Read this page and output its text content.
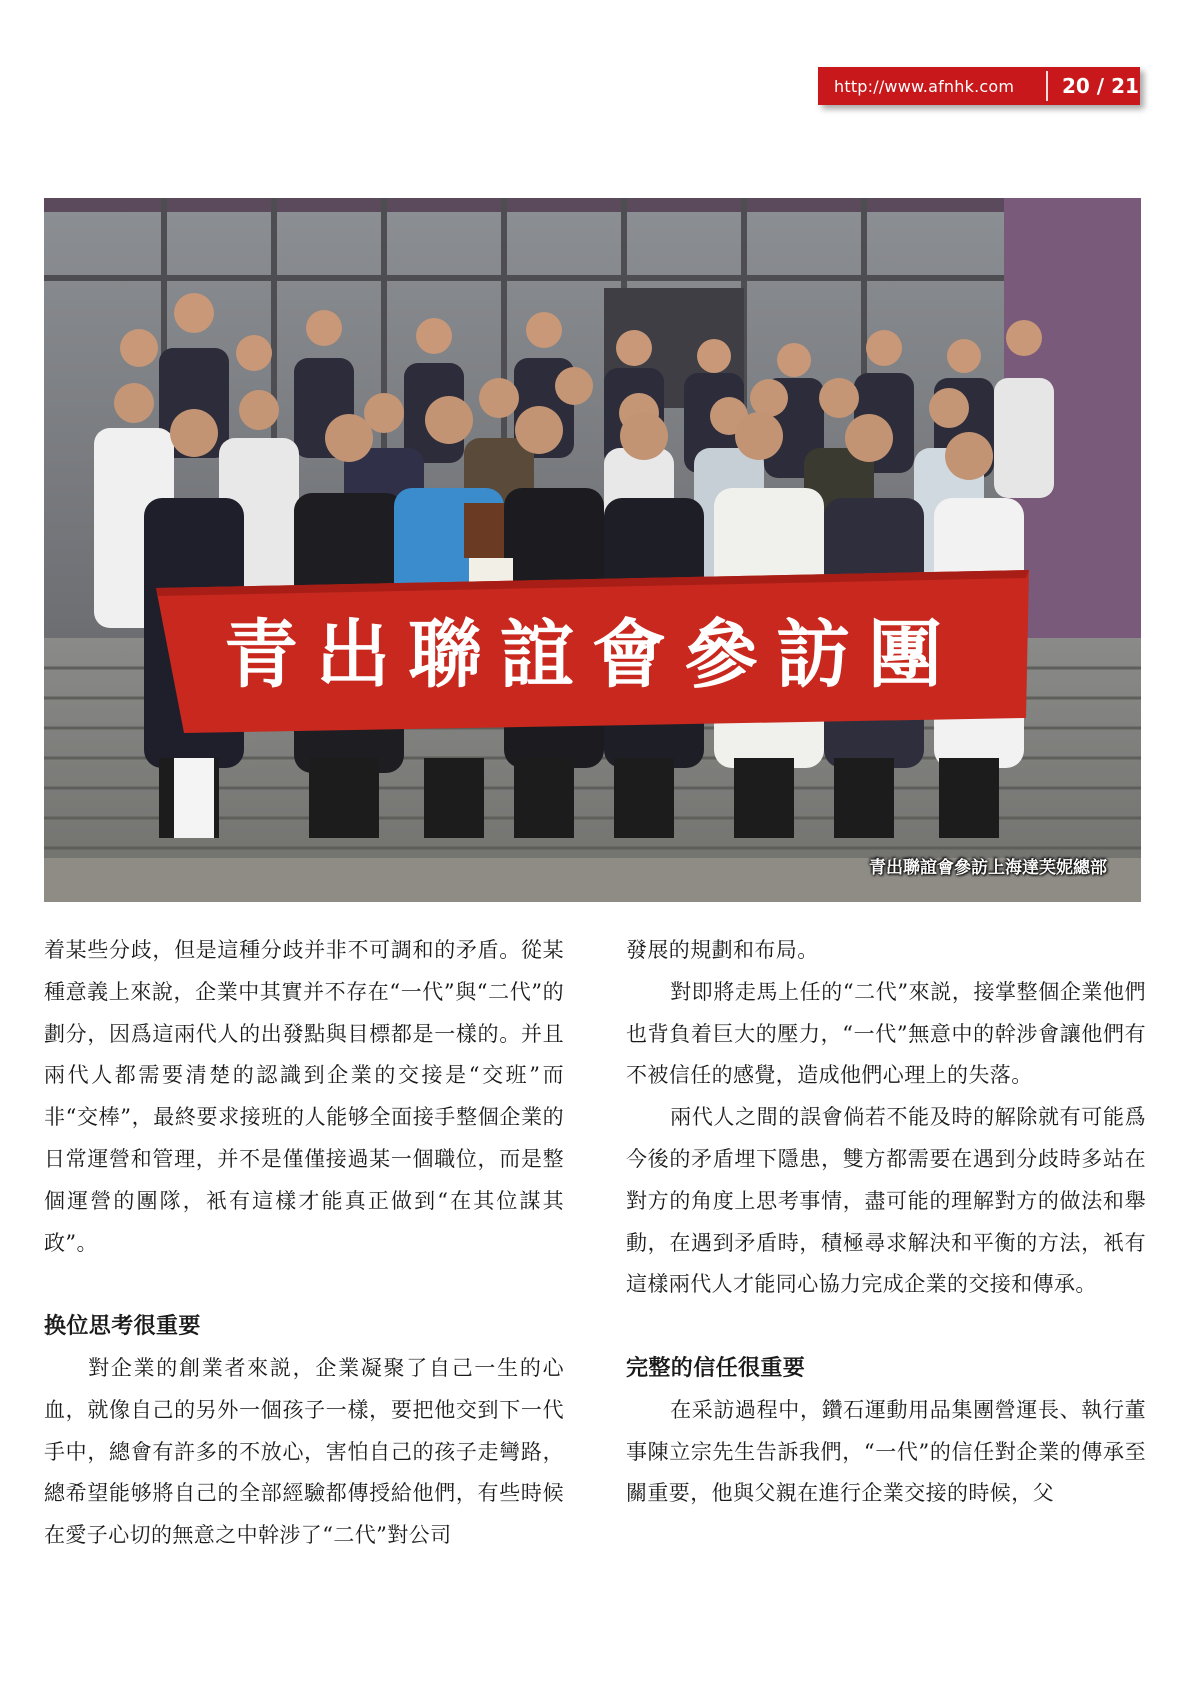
http://www.afnhk.com	20 / 21
青出聯誼會參訪團
青出聯誼會參訪上海達芙妮總部

着某些分歧，但是這種分歧并非不可調和的矛盾。從某種意義上來說，企業中其實并不存在“一代”與“二代”的劃分，因爲這兩代人的出發點與目標都是一樣的。并且兩代人都需要清楚的認識到企業的交接是“交班”而非“交棒”，最終要求接班的人能够全面接手整個企業的日常運營和管理，并不是僅僅接過某一個職位，而是整個運營的團隊，衹有這樣才能真正做到“在其位謀其政”。

换位思考很重要

對企業的創業者來説，企業凝聚了自己一生的心血，就像自己的另外一個孩子一樣，要把他交到下一代手中，總會有許多的不放心，害怕自己的孩子走彎路，總希望能够將自己的全部經驗都傳授給他們，有些時候在愛子心切的無意之中幹涉了“二代”對公司

發展的規劃和布局。

對即將走馬上任的“二代”來説，接掌整個企業他們也背負着巨大的壓力，“一代”無意中的幹涉會讓他們有不被信任的感覺，造成他們心理上的失落。

兩代人之間的誤會倘若不能及時的解除就有可能爲今後的矛盾埋下隱患，雙方都需要在遇到分歧時多站在對方的角度上思考事情，盡可能的理解對方的做法和舉動，在遇到矛盾時，積極尋求解決和平衡的方法，衹有這樣兩代人才能同心協力完成企業的交接和傳承。

完整的信任很重要

在采訪過程中，鑽石運動用品集團營運長、執行董事陳立宗先生告訴我們，“一代”的信任對企業的傳承至關重要，他與父親在進行企業交接的時候，父
